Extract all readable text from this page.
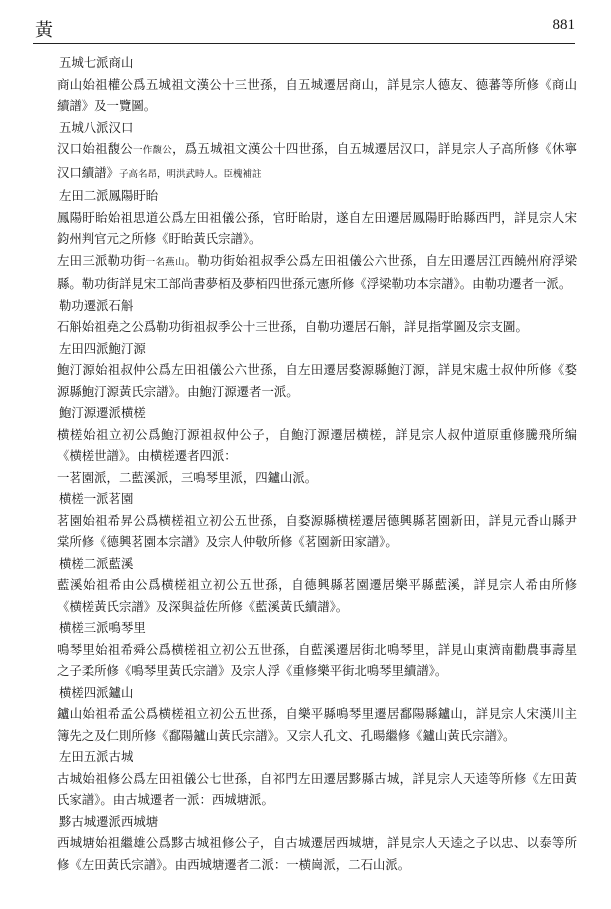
黃	881

五城七派商山

商山始祖權公爲五城祖文漢公十三世孫，自五城遷居商山，詳見宗人德友、德蕃等所修《商山續譜》及一覽圖。

五城八派汉口

汉口始祖馥公一作馥公，爲五城祖文漢公十四世孫，自五城遷居汉口，詳見宗人子高所修《休寧汉口續譜》子高名昂，明洪武時人。臣槐補註

左田二派鳳陽盱眙

鳳陽盱眙始祖思道公爲左田祖儀公孫，官盱眙尉，遂自左田遷居鳳陽盱眙縣西門，詳見宗人宋鈞州判官元之所修《盱眙黃氏宗譜》。

左田三派勒功街一名燕山。勒功街始祖叔季公爲左田祖儀公六世孫，自左田遷居江西饒州府浮梁縣。勒功街詳見宋工部尚書夢栢及夢栢四世孫元憲所修《浮梁勒功本宗譜》。由勒功遷者一派。

勒功遷派石斛

石斛始祖堯之公爲勒功街祖叔季公十三世孫，自勒功遷居石斛，詳見指掌圖及宗支圖。

左田四派鮑汀源

鮑汀源始祖叔仲公爲左田祖儀公六世孫，自左田遷居婺源縣鮑汀源，詳見宋處士叔仲所修《婺源縣鮑汀源黃氏宗譜》。由鮑汀源遷者一派。

鮑汀源遷派横槎

横槎始祖立初公爲鮑汀源祖叔仲公子，自鮑汀源遷居横槎，詳見宗人叔仲道原重修騰飛所编《横槎世譜》。由横槎遷者四派：

一茗園派，二藍溪派，三鳴琴里派，四鑪山派。

横槎一派茗園

茗園始祖希昇公爲横槎祖立初公五世孫，自婺源縣横槎遷居德興縣茗園新田，詳見元香山縣尹棠所修《德興茗園本宗譜》及宗人仲敬所修《茗園新田家譜》。

横槎二派藍溪

藍溪始祖希由公爲横槎祖立初公五世孫，自德興縣茗園遷居樂平縣藍溪，詳見宗人希由所修《横槎黃氏宗譜》及深與益佐所修《藍溪黃氏續譜》。

横槎三派鳴琴里

鳴琴里始祖希舜公爲横槎祖立初公五世孫，自藍溪遷居街北鳴琴里，詳見山東濟南勸農事壽星之子柔所修《鳴琴里黃氏宗譜》及宗人浮《重修樂平街北鳴琴里續譜》。

横槎四派鑪山

鑪山始祖希孟公爲横槎祖立初公五世孫，自樂平縣鳴琴里遷居鄱陽縣鑪山，詳見宗人宋漢川主簿先之及仁則所修《鄱陽鑪山黃氏宗譜》。又宗人孔文、孔暘繼修《鑪山黃氏宗譜》。

左田五派古城

古城始祖修公爲左田祖儀公七世孫，自祁門左田遷居黟縣古城，詳見宗人天逵等所修《左田黃氏家譜》。由古城遷者一派：西城塘派。

黟古城遷派西城塘

西城塘始祖繼雄公爲黟古城祖修公子，自古城遷居西城塘，詳見宗人天逵之子以忠、以泰等所修《左田黃氏宗譜》。由西城塘遷者二派：一横崗派，二石山派。
